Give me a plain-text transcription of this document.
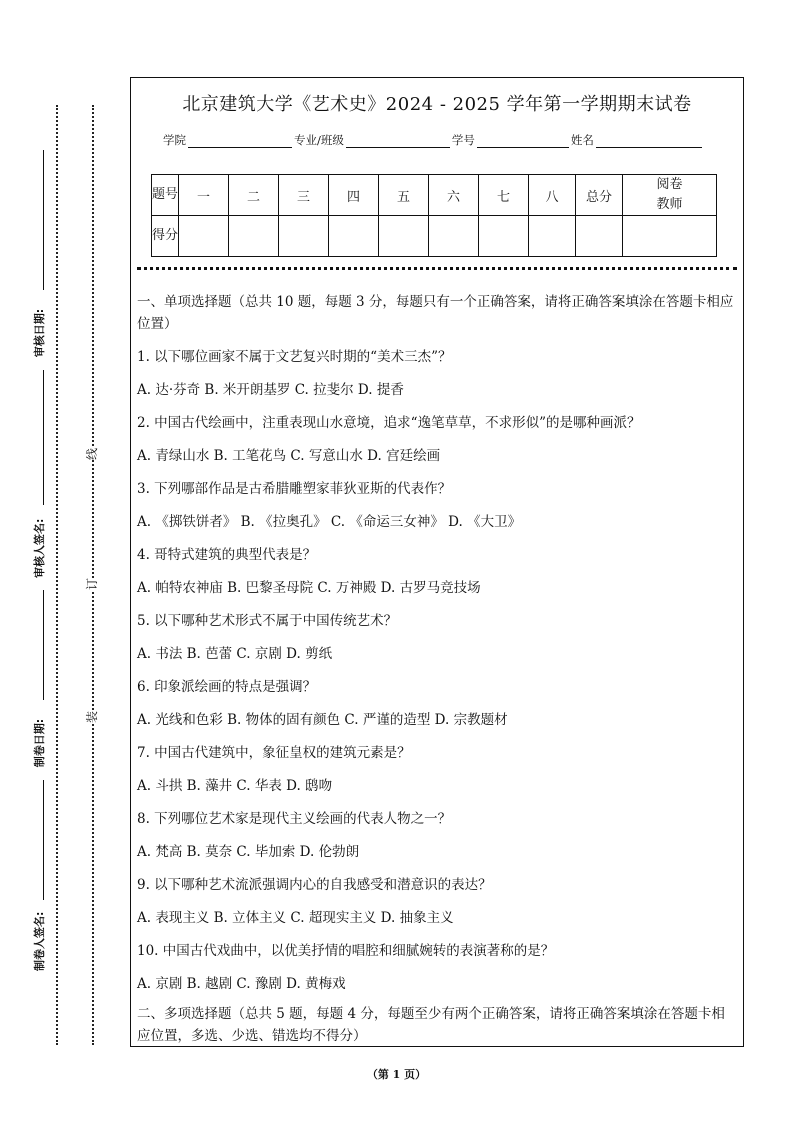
审核日期:
审核人签名:
制卷日期:
制卷人签名:
线
订
装
北京建筑大学《艺术史》2024 - 2025 学年第一学期期末试卷
学院	专业/班级	学号	姓名
题号	一	二	三	四	五	六	七	八	总分	阅卷教师
得分										
一、单项选择题（总共 10 题，每题 3 分，每题只有一个正确答案，请将正确答案填涂在答题卡相应位置）
1. 以下哪位画家不属于文艺复兴时期的“美术三杰”？
A. 达·芬奇 B. 米开朗基罗 C. 拉斐尔 D. 提香
2. 中国古代绘画中，注重表现山水意境，追求“逸笔草草，不求形似”的是哪种画派？
A. 青绿山水 B. 工笔花鸟 C. 写意山水 D. 宫廷绘画
3. 下列哪部作品是古希腊雕塑家菲狄亚斯的代表作？
A. 《掷铁饼者》 B. 《拉奥孔》 C. 《命运三女神》 D. 《大卫》
4. 哥特式建筑的典型代表是？
A. 帕特农神庙 B. 巴黎圣母院 C. 万神殿 D. 古罗马竞技场
5. 以下哪种艺术形式不属于中国传统艺术？
A. 书法 B. 芭蕾 C. 京剧 D. 剪纸
6. 印象派绘画的特点是强调？
A. 光线和色彩 B. 物体的固有颜色 C. 严谨的造型 D. 宗教题材
7. 中国古代建筑中，象征皇权的建筑元素是？
A. 斗拱 B. 藻井 C. 华表 D. 鸱吻
8. 下列哪位艺术家是现代主义绘画的代表人物之一？
A. 梵高 B. 莫奈 C. 毕加索 D. 伦勃朗
9. 以下哪种艺术流派强调内心的自我感受和潜意识的表达？
A. 表现主义 B. 立体主义 C. 超现实主义 D. 抽象主义
10. 中国古代戏曲中，以优美抒情的唱腔和细腻婉转的表演著称的是？
A. 京剧 B. 越剧 C. 豫剧 D. 黄梅戏
二、多项选择题（总共 5 题，每题 4 分，每题至少有两个正确答案，请将正确答案填涂在答题卡相应位置，多选、少选、错选均不得分）
（第 1 页）
